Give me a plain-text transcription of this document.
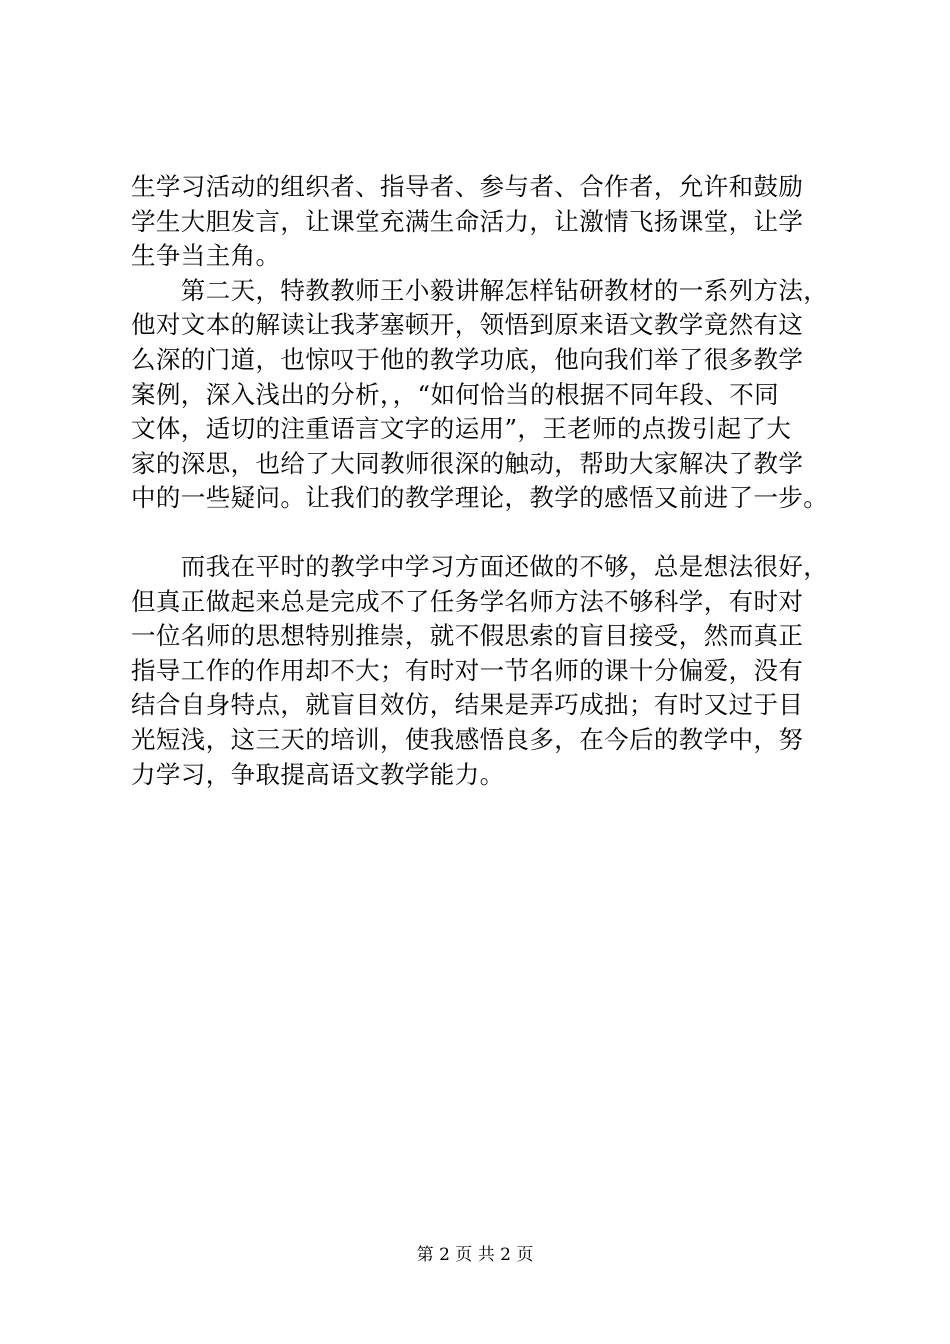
生学习活动的组织者、指导者、参与者、合作者，允许和鼓励
学生大胆发言，让课堂充满生命活力，让激情飞扬课堂，让学
生争当主角。

　　第二天，特教教师王小毅讲解怎样钻研教材的一系列方法，
他对文本的解读让我茅塞顿开，领悟到原来语文教学竟然有这
么深的门道，也惊叹于他的教学功底，他向我们举了很多教学
案例，深入浅出的分析，，“如何恰当的根据不同年段、不同
文体，适切的注重语言文字的运用”，王老师的点拨引起了大
家的深思，也给了大同教师很深的触动，帮助大家解决了教学
中的一些疑问。让我们的教学理论，教学的感悟又前进了一步。

　　而我在平时的教学中学习方面还做的不够，总是想法很好，
但真正做起来总是完成不了任务学名师方法不够科学，有时对
一位名师的思想特别推崇，就不假思索的盲目接受，然而真正
指导工作的作用却不大；有时对一节名师的课十分偏爱，没有
结合自身特点，就盲目效仿，结果是弄巧成拙；有时又过于目
光短浅，这三天的培训，使我感悟良多，在今后的教学中，努
力学习，争取提高语文教学能力。

第 2 页 共 2 页
